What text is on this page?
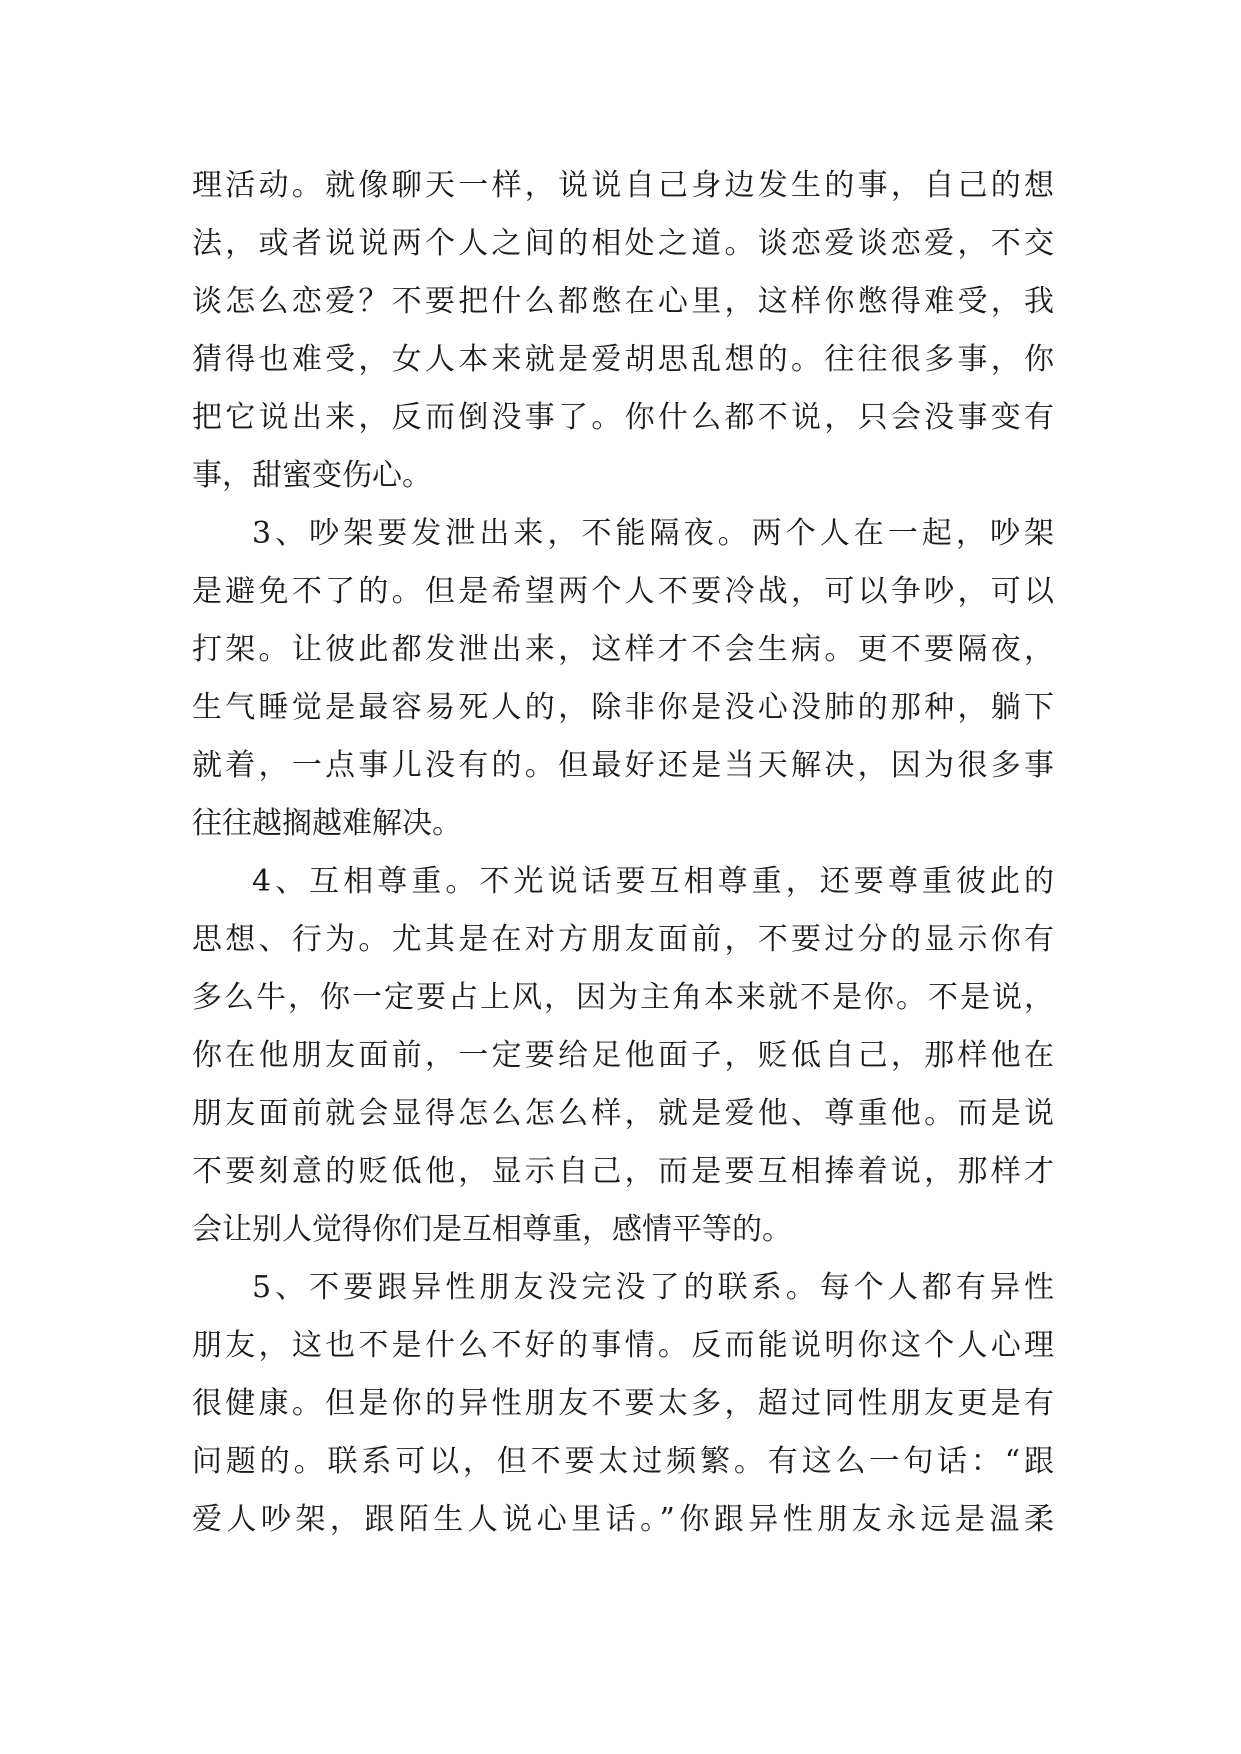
理活动。就像聊天一样，说说自己身边发生的事，自己的想
法，或者说说两个人之间的相处之道。谈恋爱谈恋爱，不交
谈怎么恋爱？不要把什么都憋在心里，这样你憋得难受，我
猜得也难受，女人本来就是爱胡思乱想的。往往很多事，你
把它说出来，反而倒没事了。你什么都不说，只会没事变有
事，甜蜜变伤心。
3、吵架要发泄出来，不能隔夜。两个人在一起，吵架
是避免不了的。但是希望两个人不要冷战，可以争吵，可以
打架。让彼此都发泄出来，这样才不会生病。更不要隔夜，
生气睡觉是最容易死人的，除非你是没心没肺的那种，躺下
就着，一点事儿没有的。但最好还是当天解决，因为很多事
往往越搁越难解决。
4、互相尊重。不光说话要互相尊重，还要尊重彼此的
思想、行为。尤其是在对方朋友面前，不要过分的显示你有
多么牛，你一定要占上风，因为主角本来就不是你。不是说，
你在他朋友面前，一定要给足他面子，贬低自己，那样他在
朋友面前就会显得怎么怎么样，就是爱他、尊重他。而是说
不要刻意的贬低他，显示自己，而是要互相捧着说，那样才
会让别人觉得你们是互相尊重，感情平等的。
5、不要跟异性朋友没完没了的联系。每个人都有异性
朋友，这也不是什么不好的事情。反而能说明你这个人心理
很健康。但是你的异性朋友不要太多，超过同性朋友更是有
问题的。联系可以，但不要太过频繁。有这么一句话：“跟
爱人吵架，跟陌生人说心里话。”你跟异性朋友永远是温柔
